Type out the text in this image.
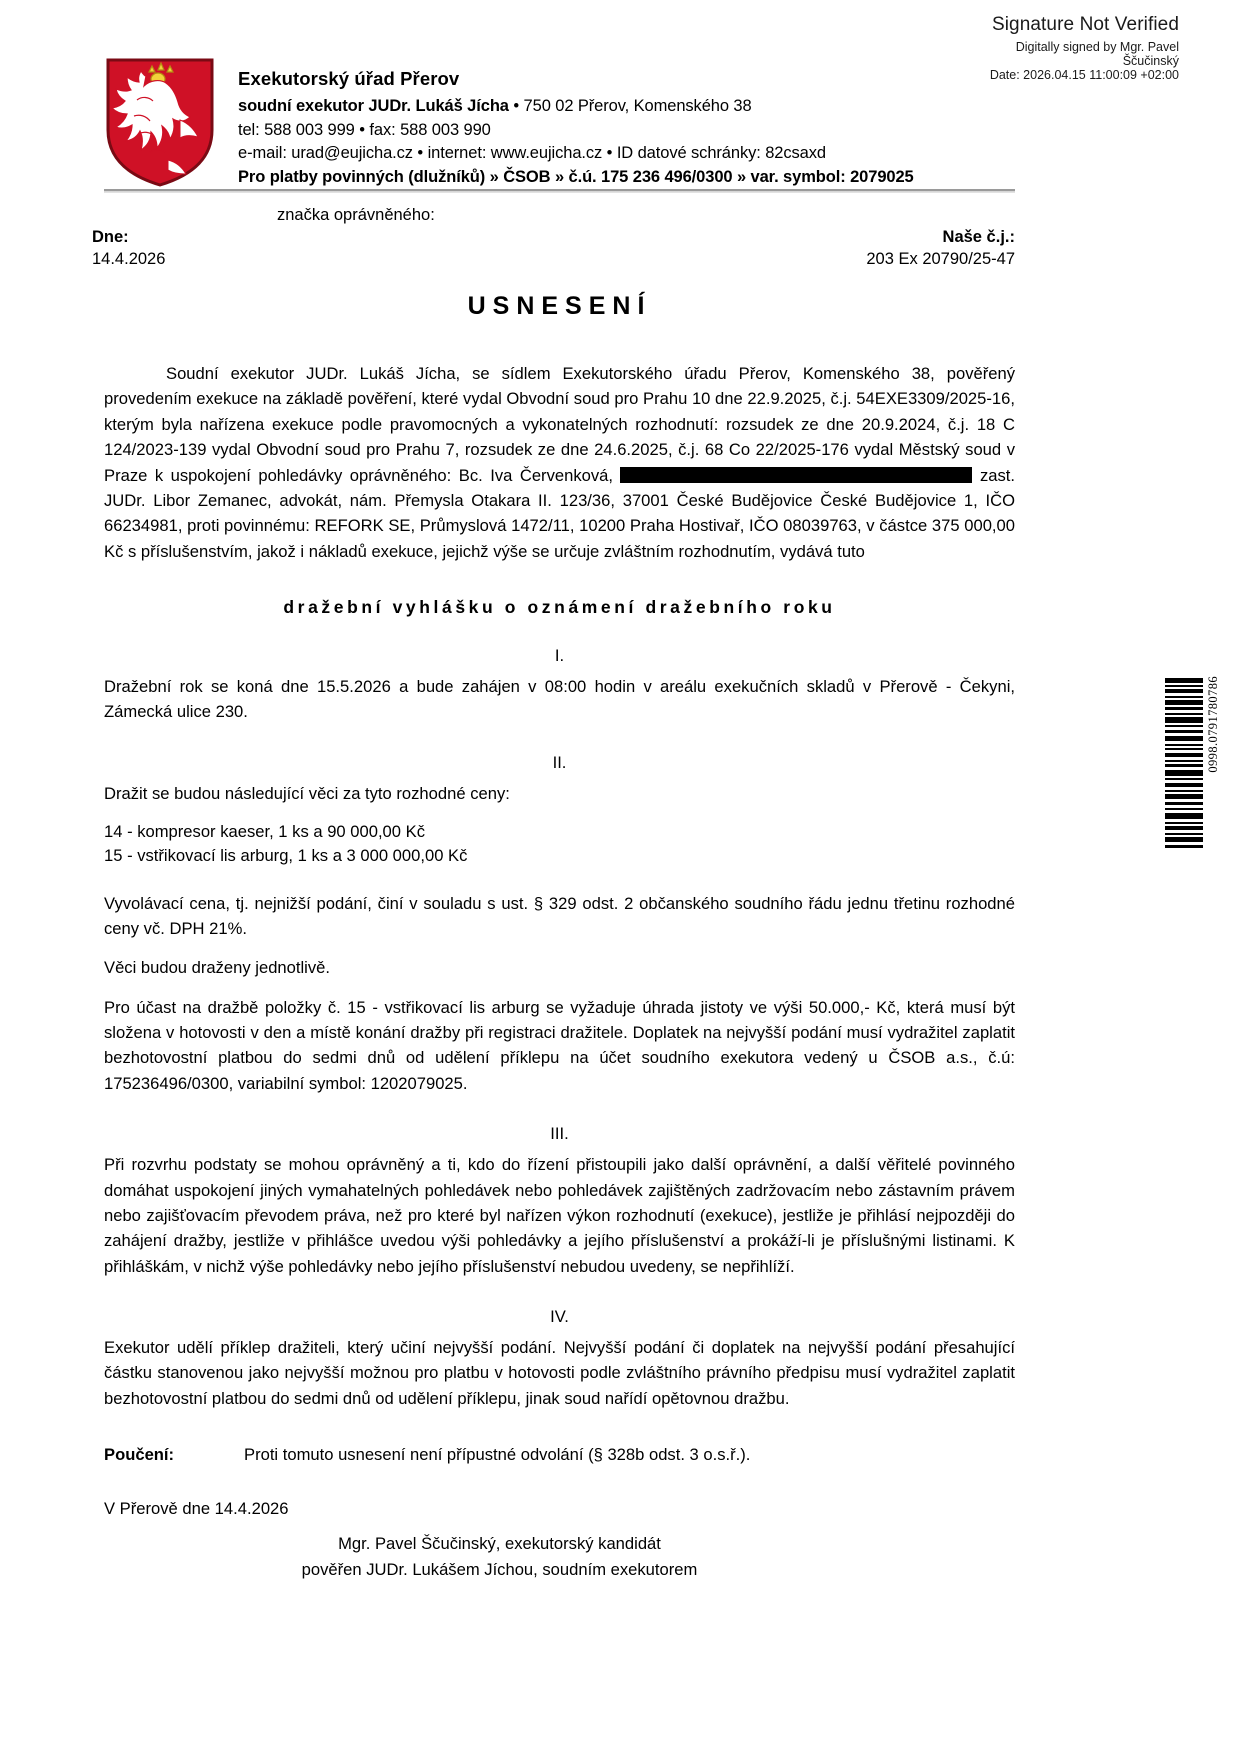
Signature Not Verified
Digitally signed by Mgr. Pavel
Ščučinský
Date: 2026.04.15 11:00:09 +02:00
Exekutorský úřad Přerov
soudní exekutor JUDr. Lukáš Jícha • 750 02 Přerov, Komenského 38
tel: 588 003 999 • fax: 588 003 990
e-mail: urad@eujicha.cz • internet: www.eujicha.cz • ID datové schránky: 82csaxd
Pro platby povinných (dlužníků) » ČSOB » č.ú. 175 236 496/0300 » var. symbol: 2079025
značka oprávněného:
Dne:
14.4.2026
Naše č.j.:
203 Ex 20790/25-47
0998.0791780786
USNESENÍ

Soudní exekutor JUDr. Lukáš Jícha, se sídlem Exekutorského úřadu Přerov, Komenského 38, pověřený provedením exekuce na základě pověření, které vydal Obvodní soud pro Prahu 10 dne 22.9.2025, č.j. 54EXE3309/2025-16, kterým byla nařízena exekuce podle pravomocných a vykonatelných rozhodnutí: rozsudek ze dne 20.9.2024, č.j. 18 C 124/2023-139 vydal Obvodní soud pro Prahu 7, rozsudek ze dne 24.6.2025, č.j. 68 Co 22/2025-176 vydal Městský soud v Praze k uspokojení pohledávky oprávněného: Bc. Iva Červenková,	zast. JUDr. Libor Zemanec, advokát, nám. Přemysla Otakara II. 123/36, 37001 České Budějovice České Budějovice 1, IČO 66234981, proti povinnému: REFORK SE, Průmyslová 1472/11, 10200 Praha Hostivař, IČO 08039763, v částce 375 000,00 Kč s příslušenstvím, jakož i nákladů exekuce, jejichž výše se určuje zvláštním rozhodnutím, vydává tuto

dražební vyhlášku o oznámení dražebního roku
I.

Dražební rok se koná dne 15.5.2026 a bude zahájen v 08:00 hodin v areálu exekučních skladů v Přerově - Čekyni, Zámecká ulice 230.

II.

Dražit se budou následující věci za tyto rozhodné ceny:

14 - kompresor kaeser, 1 ks a 90 000,00 Kč

15 - vstřikovací lis arburg, 1 ks a 3 000 000,00 Kč

Vyvolávací cena, tj. nejnižší podání, činí v souladu s ust. § 329 odst. 2 občanského soudního řádu jednu třetinu rozhodné ceny vč. DPH 21%.

Věci budou draženy jednotlivě.

Pro účast na dražbě položky č. 15 - vstřikovací lis arburg se vyžaduje úhrada jistoty ve výši 50.000,- Kč, která musí být složena v hotovosti v den a místě konání dražby při registraci dražitele. Doplatek na nejvyšší podání musí vydražitel zaplatit bezhotovostní platbou do sedmi dnů od udělení příklepu na účet soudního exekutora vedený u ČSOB a.s., č.ú: 175236496/0300, variabilní symbol: 1202079025.

III.

Při rozvrhu podstaty se mohou oprávněný a ti, kdo do řízení přistoupili jako další oprávnění, a další věřitelé povinného domáhat uspokojení jiných vymahatelných pohledávek nebo pohledávek zajištěných zadržovacím nebo zástavním právem nebo zajišťovacím převodem práva, než pro které byl nařízen výkon rozhodnutí (exekuce), jestliže je přihlásí nejpozději do zahájení dražby, jestliže v přihlášce uvedou výši pohledávky a jejího příslušenství a prokáží-li je příslušnými listinami. K přihláškám, v nichž výše pohledávky nebo jejího příslušenství nebudou uvedeny, se nepřihlíží.

IV.

Exekutor udělí příklep dražiteli, který učiní nejvyšší podání. Nejvyšší podání či doplatek na nejvyšší podání přesahující částku stanovenou jako nejvyšší možnou pro platbu v hotovosti podle zvláštního právního předpisu musí vydražitel zaplatit bezhotovostní platbou do sedmi dnů od udělení příklepu, jinak soud nařídí opětovnou dražbu.

Poučení:	Proti tomuto usnesení není přípustné odvolání (§ 328b odst. 3 o.s.ř.).
V Přerově dne 14.4.2026
Mgr. Pavel Ščučinský, exekutorský kandidát
pověřen JUDr. Lukášem Jíchou, soudním exekutorem
